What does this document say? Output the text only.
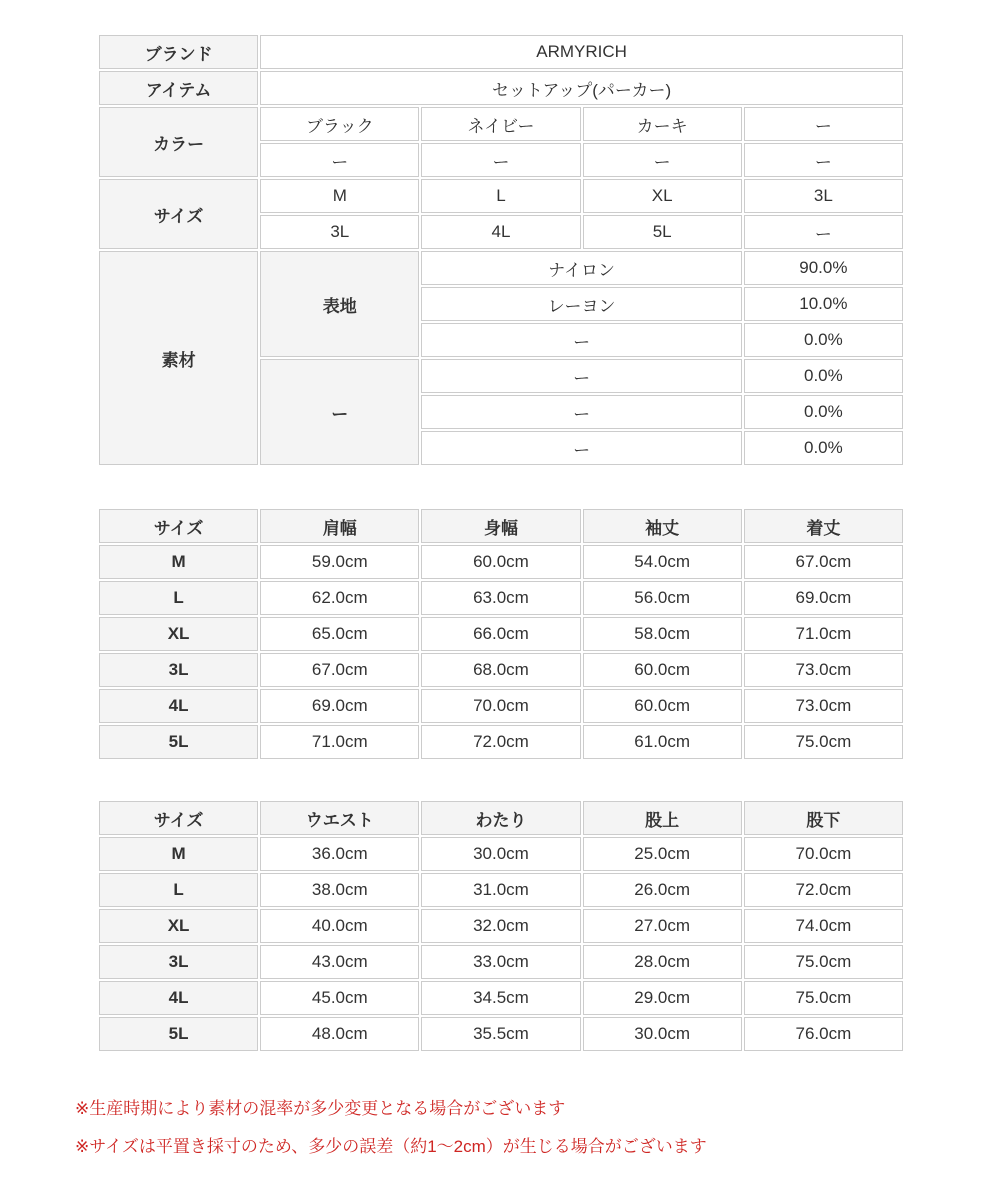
ブランド	ARMYRICH			
アイテム	セットアップ(パーカー)			
カラー	ブラック	ネイビー	カーキ	ー
	ー	ー	ー	ー
サイズ	M	L	XL	3L
	3L	4L	5L	ー
素材	表地	ナイロン		90.0%
		レーヨン		10.0%
		ー		0.0%
	ー	ー		0.0%
		ー		0.0%
		ー		0.0%
サイズ	肩幅	身幅	袖丈	着丈
M	59.0cm	60.0cm	54.0cm	67.0cm
L	62.0cm	63.0cm	56.0cm	69.0cm
XL	65.0cm	66.0cm	58.0cm	71.0cm
3L	67.0cm	68.0cm	60.0cm	73.0cm
4L	69.0cm	70.0cm	60.0cm	73.0cm
5L	71.0cm	72.0cm	61.0cm	75.0cm
サイズ	ウエスト	わたり	股上	股下
M	36.0cm	30.0cm	25.0cm	70.0cm
L	38.0cm	31.0cm	26.0cm	72.0cm
XL	40.0cm	32.0cm	27.0cm	74.0cm
3L	43.0cm	33.0cm	28.0cm	75.0cm
4L	45.0cm	34.5cm	29.0cm	75.0cm
5L	48.0cm	35.5cm	30.0cm	76.0cm

※生産時期により素材の混率が多少変更となる場合がございます

※サイズは平置き採寸のため、多少の誤差（約1〜2cm）が生じる場合がございます
